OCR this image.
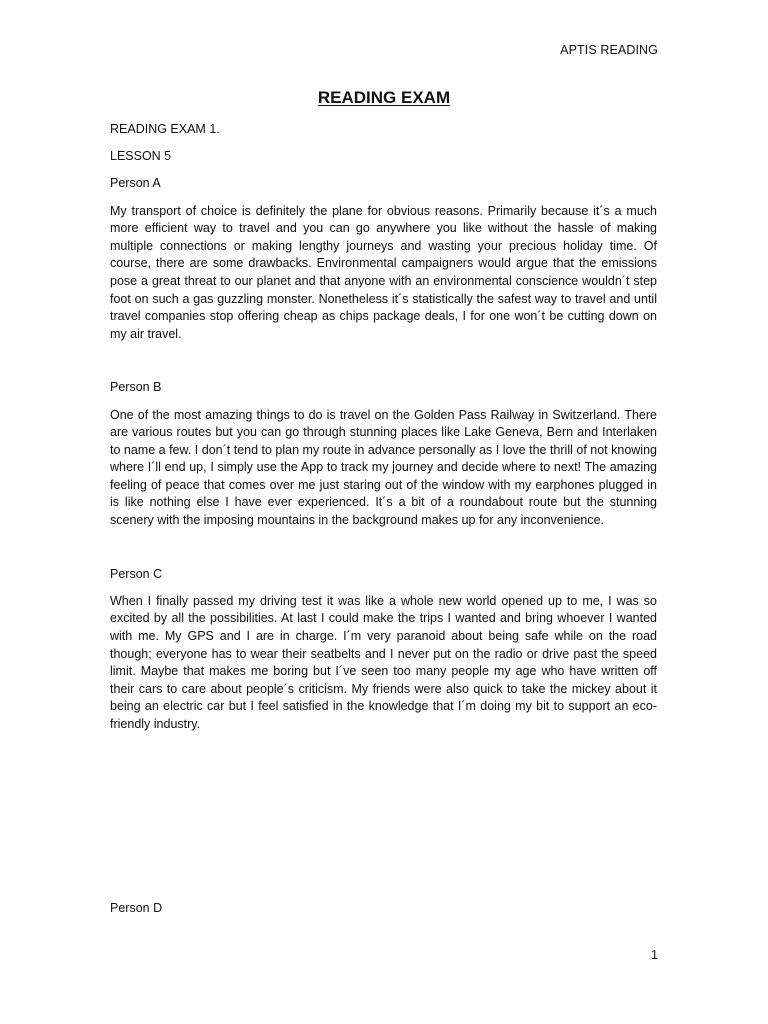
APTIS READING
READING EXAM
READING EXAM 1.
LESSON 5
Person A

My transport of choice is definitely the plane for obvious reasons. Primarily because it´s a much more efficient way to travel and you can go anywhere you like without the hassle of making multiple connections or making lengthy journeys and wasting your precious holiday time. Of course, there are some drawbacks. Environmental campaigners would argue that the emissions pose a great threat to our planet and that anyone with an environmental conscience wouldn´t step foot on such a gas guzzling monster. Nonetheless it´s statistically the safest way to travel and until travel companies stop offering cheap as chips package deals, I for one won´t be cutting down on my air travel.

Person B

One of the most amazing things to do is travel on the Golden Pass Railway in Switzerland. There are various routes but you can go through stunning places like Lake Geneva, Bern and Interlaken to name a few. I don´t tend to plan my route in advance personally as I love the thrill of not knowing where I´ll end up, I simply use the App to track my journey and decide where to next! The amazing feeling of peace that comes over me just staring out of the window with my earphones plugged in is like nothing else I have ever experienced. It´s a bit of a roundabout route but the stunning scenery with the imposing mountains in the background makes up for any inconvenience.

Person C

When I finally passed my driving test it was like a whole new world opened up to me, I was so excited by all the possibilities. At last I could make the trips I wanted and bring whoever I wanted with me. My GPS and I are in charge. I´m very paranoid about being safe while on the road though; everyone has to wear their seatbelts and I never put on the radio or drive past the speed limit. Maybe that makes me boring but I´ve seen too many people my age who have written off their cars to care about people´s criticism. My friends were also quick to take the mickey about it being an electric car but I feel satisfied in the knowledge that I´m doing my bit to support an eco-friendly industry.

Person D
1
